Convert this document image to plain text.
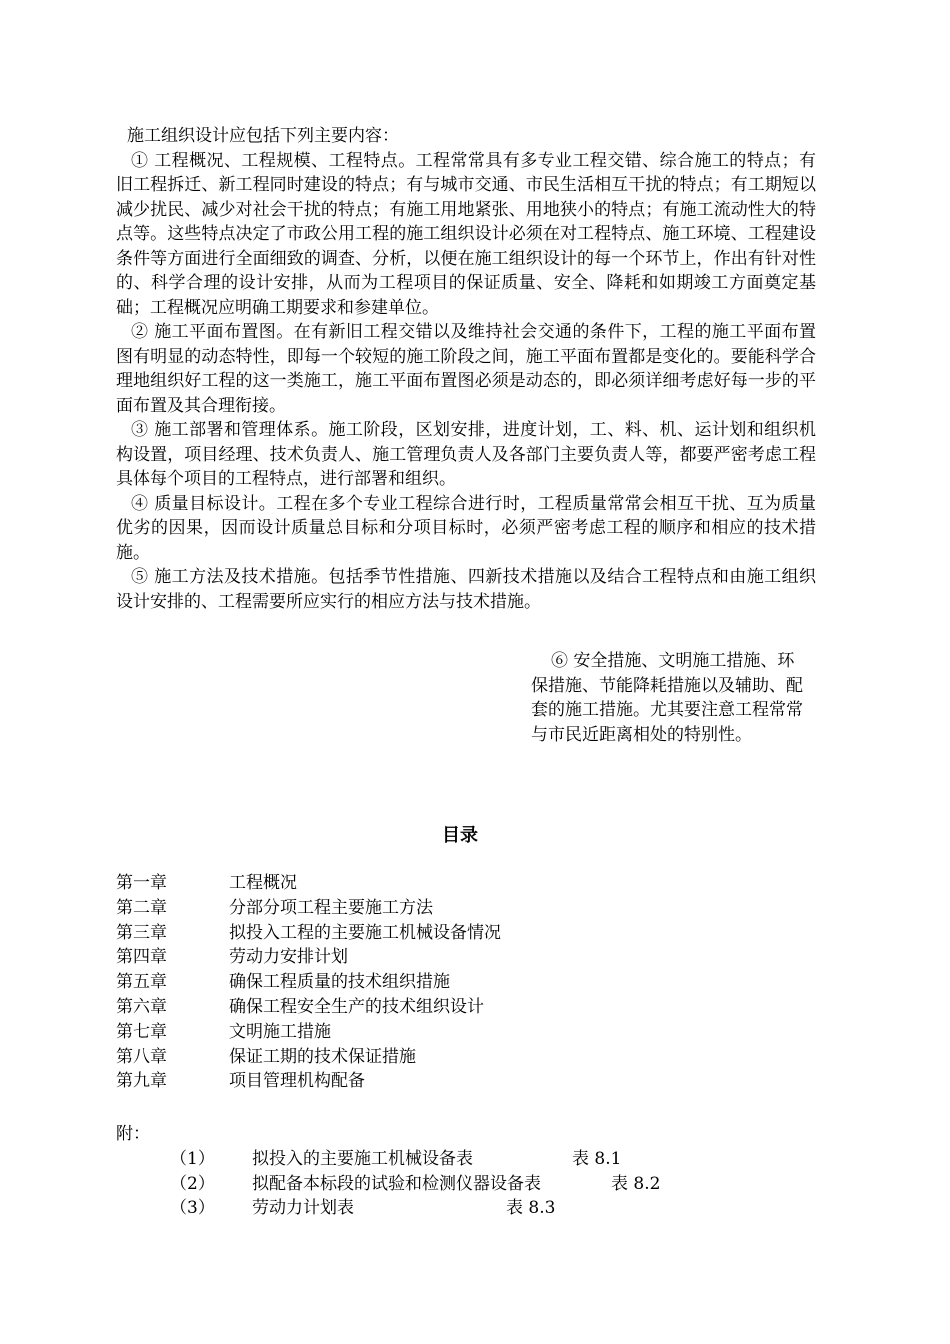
施工组织设计应包括下列主要内容：

① 工程概况、工程规模、工程特点。工程常常具有多专业工程交错、综合施工的特点；有旧工程拆迁、新工程同时建设的特点；有与城市交通、市民生活相互干扰的特点；有工期短以减少扰民、减少对社会干扰的特点；有施工用地紧张、用地狭小的特点；有施工流动性大的特点等。这些特点决定了市政公用工程的施工组织设计必须在对工程特点、施工环境、工程建设条件等方面进行全面细致的调查、分析，以便在施工组织设计的每一个环节上，作出有针对性的、科学合理的设计安排，从而为工程项目的保证质量、安全、降耗和如期竣工方面奠定基础；工程概况应明确工期要求和参建单位。

② 施工平面布置图。在有新旧工程交错以及维持社会交通的条件下，工程的施工平面布置图有明显的动态特性，即每一个较短的施工阶段之间，施工平面布置都是变化的。要能科学合理地组织好工程的这一类施工，施工平面布置图必须是动态的，即必须详细考虑好每一步的平面布置及其合理衔接。

③ 施工部署和管理体系。施工阶段，区划安排，进度计划，工、料、机、运计划和组织机构设置，项目经理、技术负责人、施工管理负责人及各部门主要负责人等，都要严密考虑工程具体每个项目的工程特点，进行部署和组织。

④ 质量目标设计。工程在多个专业工程综合进行时，工程质量常常会相互干扰、互为质量优劣的因果，因而设计质量总目标和分项目标时，必须严密考虑工程的顺序和相应的技术措施。

⑤ 施工方法及技术措施。包括季节性措施、四新技术措施以及结合工程特点和由施工组织设计安排的、工程需要所应实行的相应方法与技术措施。

⑥ 安全措施、文明施工措施、环保措施、节能降耗措施以及辅助、配套的施工措施。尤其要注意工程常常与市民近距离相处的特别性。

目录
第一章	工程概况
第二章	分部分项工程主要施工方法
第三章	拟投入工程的主要施工机械设备情况
第四章	劳动力安排计划
第五章	确保工程质量的技术组织措施
第六章	确保工程安全生产的技术组织设计
第七章	文明施工措施
第八章	保证工期的技术保证措施
第九章	项目管理机构配备

附：

（1） 拟投入的主要施工机械设备表	表 8.1
（2） 拟配备本标段的试验和检测仪器设备表	表 8.2
（3） 劳动力计划表	表 8.3
